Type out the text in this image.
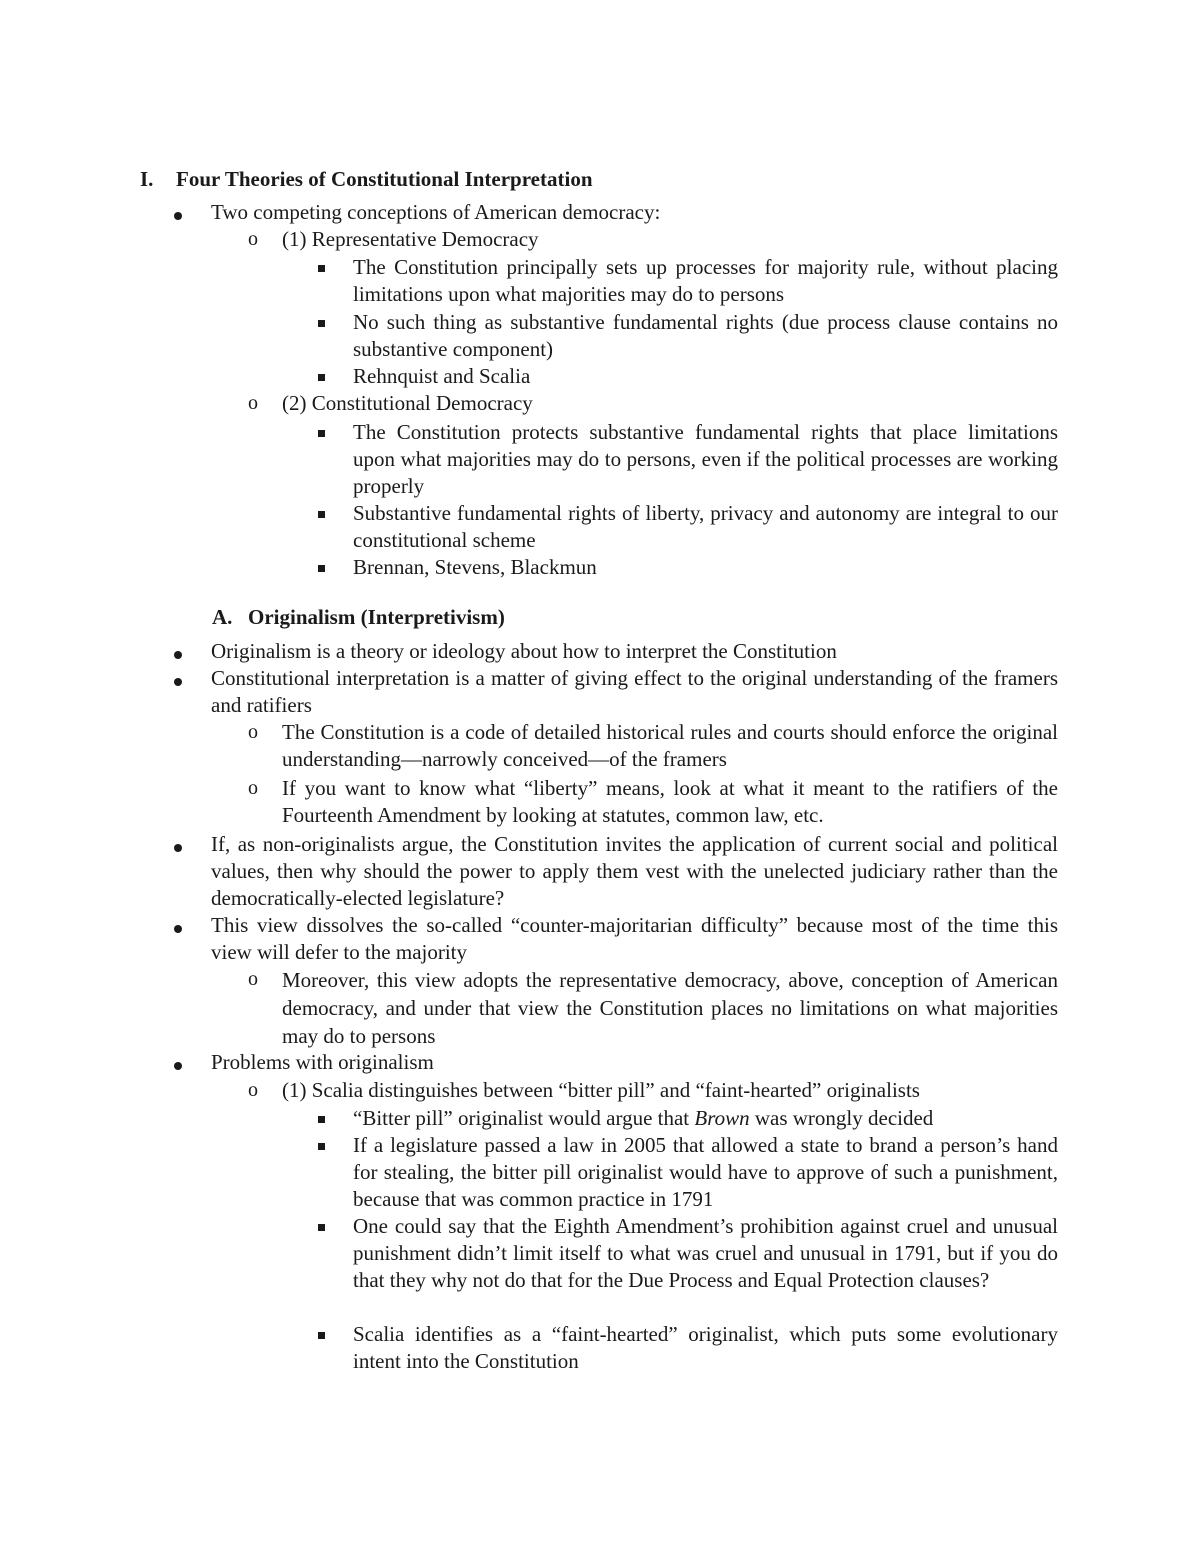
I. Four Theories of Constitutional Interpretation
Two competing conceptions of American democracy:
o (1) Representative Democracy
The Constitution principally sets up processes for majority rule, without placing limitations upon what majorities may do to persons
No such thing as substantive fundamental rights (due process clause contains no substantive component)
Rehnquist and Scalia
o (2) Constitutional Democracy
The Constitution protects substantive fundamental rights that place limitations upon what majorities may do to persons, even if the political processes are working properly
Substantive fundamental rights of liberty, privacy and autonomy are integral to our constitutional scheme
Brennan, Stevens, Blackmun
A. Originalism (Interpretivism)
Originalism is a theory or ideology about how to interpret the Constitution
Constitutional interpretation is a matter of giving effect to the original understanding of the framers and ratifiers
o The Constitution is a code of detailed historical rules and courts should enforce the original understanding—narrowly conceived—of the framers
o If you want to know what “liberty” means, look at what it meant to the ratifiers of the Fourteenth Amendment by looking at statutes, common law, etc.
If, as non-originalists argue, the Constitution invites the application of current social and political values, then why should the power to apply them vest with the unelected judiciary rather than the democratically-elected legislature?
This view dissolves the so-called “counter-majoritarian difficulty” because most of the time this view will defer to the majority
o Moreover, this view adopts the representative democracy, above, conception of American democracy, and under that view the Constitution places no limitations on what majorities may do to persons
Problems with originalism
o (1) Scalia distinguishes between “bitter pill” and “faint-hearted” originalists
“Bitter pill” originalist would argue that Brown was wrongly decided
If a legislature passed a law in 2005 that allowed a state to brand a person’s hand for stealing, the bitter pill originalist would have to approve of such a punishment, because that was common practice in 1791
One could say that the Eighth Amendment’s prohibition against cruel and unusual punishment didn’t limit itself to what was cruel and unusual in 1791, but if you do that they why not do that for the Due Process and Equal Protection clauses?
Scalia identifies as a “faint-hearted” originalist, which puts some evolutionary intent into the Constitution
